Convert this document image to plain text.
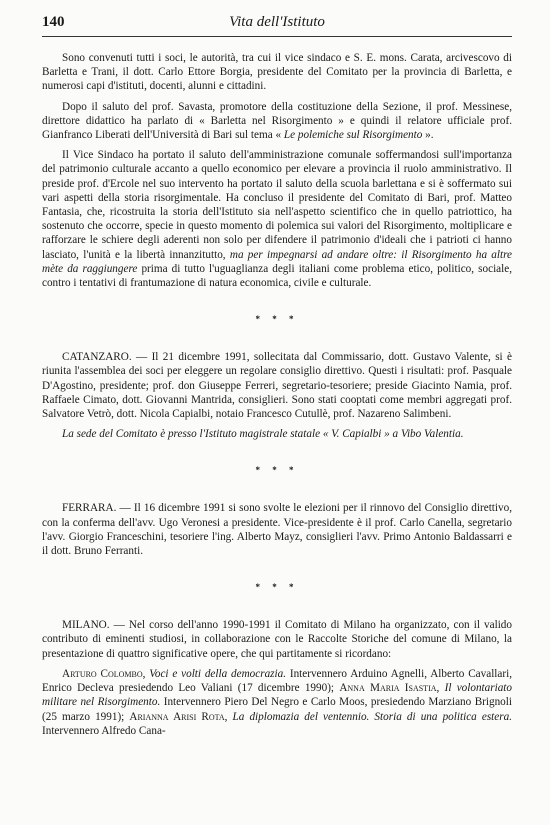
140	Vita dell'Istituto

Sono convenuti tutti i soci, le autorità, tra cui il vice sindaco e S. E. mons. Carata, arcivescovo di Barletta e Trani, il dott. Carlo Ettore Borgia, presidente del Comitato per la provincia di Barletta, e numerosi capi d'istituti, docenti, alunni e cittadini.

Dopo il saluto del prof. Savasta, promotore della costituzione della Sezione, il prof. Messinese, direttore didattico ha parlato di « Barletta nel Risorgimento » e quindi il relatore ufficiale prof. Gianfranco Liberati dell'Università di Bari sul tema « Le polemiche sul Risorgimento ».

Il Vice Sindaco ha portato il saluto dell'amministrazione comunale soffermandosi sull'importanza del patrimonio culturale accanto a quello economico per elevare a provincia il ruolo amministrativo. Il preside prof. d'Ercole nel suo intervento ha portato il saluto della scuola barlettana e si è soffermato sui vari aspetti della storia risorgimentale. Ha concluso il presidente del Comitato di Bari, prof. Matteo Fantasia, che, ricostruita la storia dell'Istituto sia nell'aspetto scientifico che in quello patriottico, ha sostenuto che occorre, specie in questo momento di polemica sui valori del Risorgimento, moltiplicare e rafforzare le schiere degli aderenti non solo per difendere il patrimonio d'ideali che i patrioti ci hanno lasciato, l'unità e la libertà innanzitutto, ma per impegnarsi ad andare oltre: il Risorgimento ha altre mète da raggiungere prima di tutto l'uguaglianza degli italiani come problema etico, politico, sociale, contro i tentativi di frantumazione di natura economica, civile e culturale.

* * *

CATANZARO. — Il 21 dicembre 1991, sollecitata dal Commissario, dott. Gustavo Valente, si è riunita l'assemblea dei soci per eleggere un regolare consiglio direttivo. Questi i risultati: prof. Pasquale D'Agostino, presidente; prof. don Giuseppe Ferreri, segretario-tesoriere; preside Giacinto Namia, prof. Raffaele Cimato, dott. Giovanni Mantrida, consiglieri. Sono stati cooptati come membri aggregati prof. Salvatore Vetrò, dott. Nicola Capialbi, notaio Francesco Cutullè, prof. Nazareno Salimbeni.

La sede del Comitato è presso l'Istituto magistrale statale « V. Capialbi » a Vibo Valentia.

* * *

FERRARA. — Il 16 dicembre 1991 si sono svolte le elezioni per il rinnovo del Consiglio direttivo, con la conferma dell'avv. Ugo Veronesi a presidente. Vice-presidente è il prof. Carlo Canella, segretario l'avv. Giorgio Franceschini, tesoriere l'ing. Alberto Mayz, consiglieri l'avv. Primo Antonio Baldassarri e il dott. Bruno Ferranti.

* * *

MILANO. — Nel corso dell'anno 1990-1991 il Comitato di Milano ha organizzato, con il valido contributo di eminenti studiosi, in collaborazione con le Raccolte Storiche del comune di Milano, la presentazione di quattro significative opere, che qui partitamente si ricordano:

Arturo Colombo, Voci e volti della democrazia. Intervennero Arduino Agnelli, Alberto Cavallari, Enrico Decleva presiedendo Leo Valiani (17 dicembre 1990); Anna Maria Isastia, Il volontariato militare nel Risorgimento. Intervennero Piero Del Negro e Carlo Moos, presiedendo Marziano Brignoli (25 marzo 1991); Arianna Arisi Rota, La diplomazia del ventennio. Storia di una politica estera. Intervennero Alfredo Cana-
